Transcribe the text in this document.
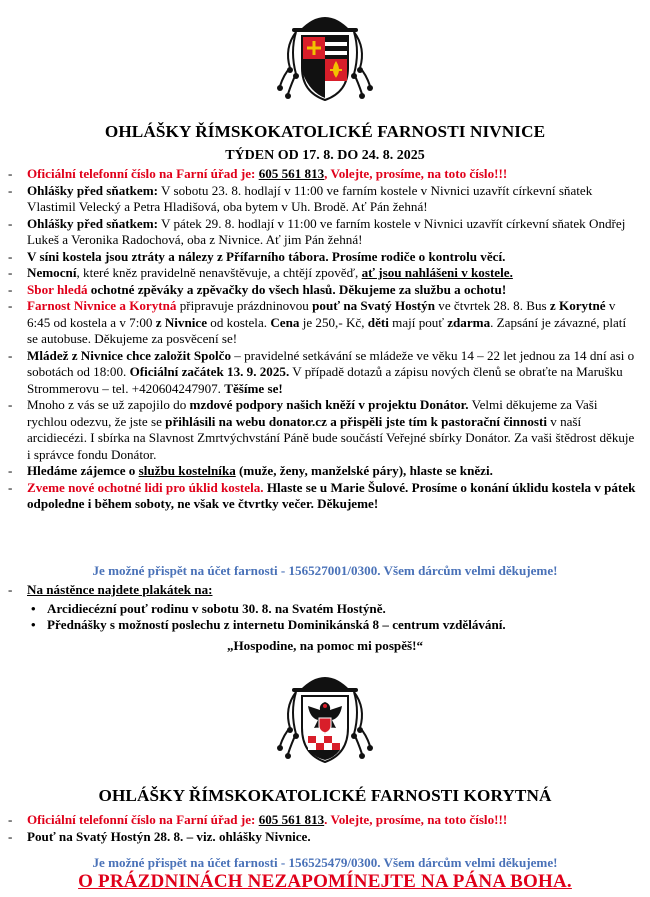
OHLÁŠKY ŘÍMSKOKATOLICKÉ FARNOSTI NIVNICE

TÝDEN OD 17. 8. DO 24. 8. 2025

- Oficiální telefonní číslo na Farní úřad je: 605 561 813, Volejte, prosíme, na toto číslo!!!
- Ohlášky před sňatkem: V sobotu 23. 8. hodlají v 11:00 ve farním kostele v Nivnici uzavřít církevní sňatek Vlastimil Velecký a Petra Hladišová, oba bytem v Uh. Brodě. Ať Pán žehná!
- Ohlášky před sňatkem: V pátek 29. 8. hodlají v 11:00 ve farním kostele v Nivnici uzavřít církevní sňatek Ondřej Lukeš a Veronika Radochová, oba z Nivnice. Ať jim Pán žehná!
- V síni kostela jsou ztráty a nálezy z Přífarního tábora. Prosíme rodiče o kontrolu věcí.
- Nemocní, které kněz pravidelně nenavštěvuje, a chtějí zpověď, ať jsou nahlášeni v kostele.
- Sbor hledá ochotné zpěváky a zpěvačky do všech hlasů. Děkujeme za službu a ochotu!
- Farnost Nivnice a Korytná připravuje prázdninovou pouť na Svatý Hostýn ve čtvrtek 28. 8. Bus z Korytné v 6:45 od kostela a v 7:00 z Nivnice od kostela. Cena je 250,- Kč, děti mají pouť zdarma. Zapsání je závazné, platí se autobuse. Děkujeme za posvěcení se!
- Mládež z Nivnice chce založit Spolčo – pravidelné setkávání se mládeže ve věku 14 – 22 let jednou za 14 dní asi o sobotách od 18:00. Oficiální začátek 13. 9. 2025. V případě dotazů a zápisu nových členů se obraťte na Marušku Strommerovu – tel. +420604247907. Těšíme se!
- Mnoho z vás se už zapojilo do mzdové podpory našich kněží v projektu Donátor. Velmi děkujeme za Vaši rychlou odezvu, že jste se přihlásili na webu donator.cz a přispěli jste tím k pastorační činnosti v naší arcidiecézi. I sbírka na Slavnost Zmrtvýchvstání Páně bude součástí Veřejné sbírky Donátor. Za vaši štědrost děkuje i správce fondu Donátor.
- Hledáme zájemce o službu kostelníka (muže, ženy, manželské páry), hlaste se knězi.
- Zveme nové ochotné lidi pro úklid kostela. Hlaste se u Marie Šulové. Prosíme o konání úklidu kostela v pátek odpoledne i během soboty, ne však ve čtvrtky večer. Děkujeme!

Je možné přispět na účet farnosti - 156527001/0300. Všem dárcům velmi děkujeme!

- Na nástěnce najdete plakátek na:
• Arcidiecézní pouť rodinu v sobotu 30. 8. na Svatém Hostýně.
• Přednášky s možností poslechu z internetu Dominikánská 8 – centrum vzdělávání.

„Hospodine, na pomoc mi pospěš!“

OHLÁŠKY ŘÍMSKOKATOLICKÉ FARNOSTI KORYTNÁ
- Oficiální telefonní číslo na Farní úřad je: 605 561 813. Volejte, prosíme, na toto číslo!!!
- Pouť na Svatý Hostýn 28. 8. – viz. ohlášky Nivnice.

Je možné přispět na účet farnosti - 156525479/0300. Všem dárcům velmi děkujeme!

O PRÁZDNINÁCH NEZAPOMÍNEJTE NA PÁNA BOHA.
